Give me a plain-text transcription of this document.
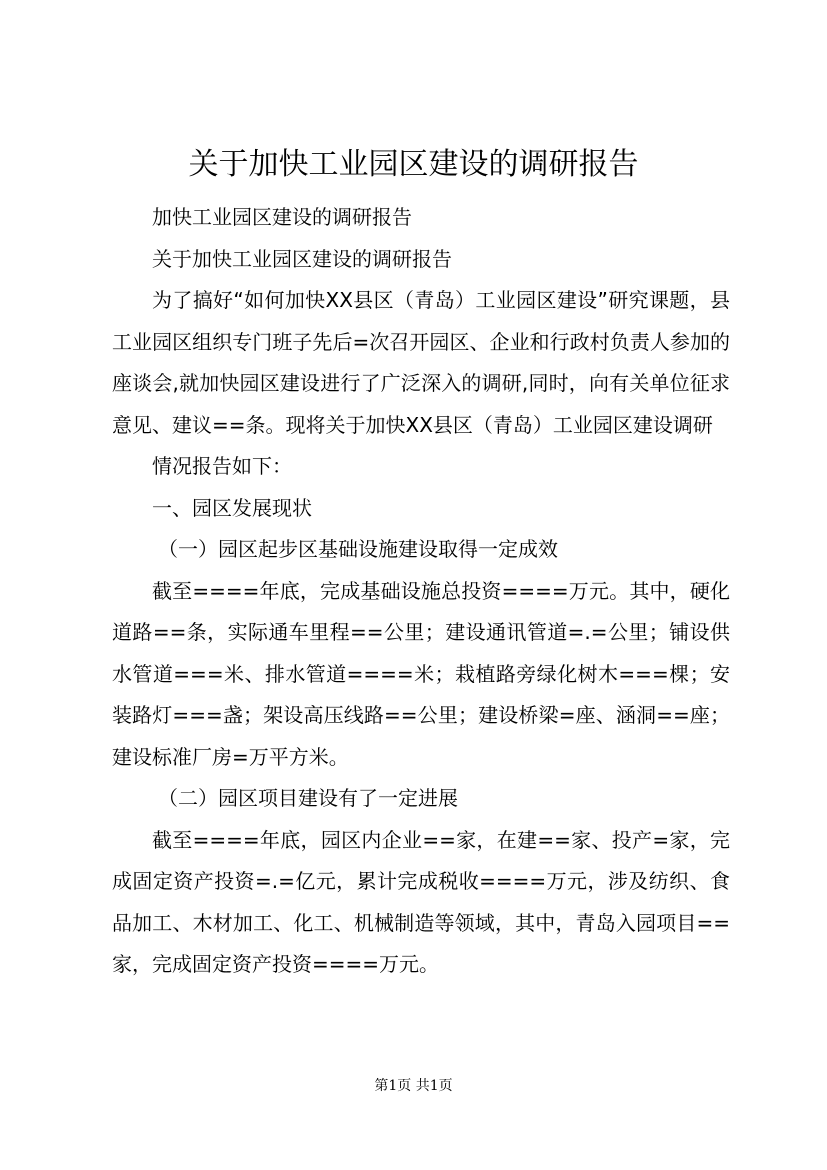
关于加快工业园区建设的调研报告

加快工业园区建设的调研报告

关于加快工业园区建设的调研报告

为了搞好“如何加快XX县区（青岛）工业园区建设”研究课题，县工业园区组织专门班子先后=次召开园区、企业和行政村负责人参加的座谈会,就加快园区建设进行了广泛深入的调研,同时，向有关单位征求意见、建议==条。现将关于加快XX县区（青岛）工业园区建设调研

情况报告如下：

一、园区发展现状

（一）园区起步区基础设施建设取得一定成效

截至====年底，完成基础设施总投资====万元。其中，硬化道路==条，实际通车里程==公里；建设通讯管道=.=公里；铺设供水管道===米、排水管道====米；栽植路旁绿化树木===棵；安装路灯===盏；架设高压线路==公里；建设桥梁=座、涵洞==座；建设标准厂房=万平方米。

（二）园区项目建设有了一定进展

截至====年底，园区内企业==家，在建==家、投产=家，完成固定资产投资=.=亿元，累计完成税收====万元，涉及纺织、食品加工、木材加工、化工、机械制造等领域，其中，青岛入园项目==家，完成固定资产投资====万元。

第1页 共1页
